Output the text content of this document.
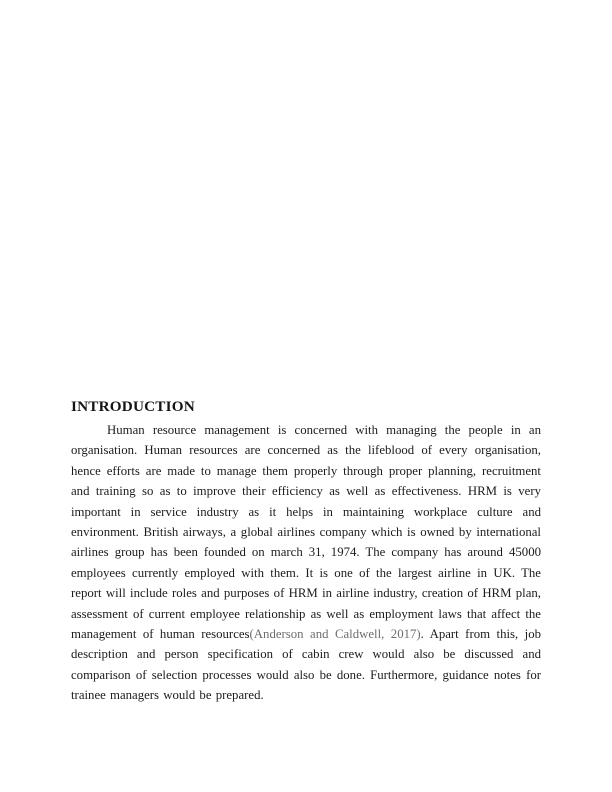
INTRODUCTION

Human resource management is concerned with managing the people in an organisation. Human resources are concerned as the lifeblood of every organisation, hence efforts are made to manage them properly through proper planning, recruitment and training so as to improve their efficiency as well as effectiveness. HRM is very important in service industry as it helps in maintaining workplace culture and environment. British airways, a global airlines company which is owned by international airlines group has been founded on march 31, 1974. The company has around 45000 employees currently employed with them. It is one of the largest airline in UK. The report will include roles and purposes of HRM in airline industry, creation of HRM plan, assessment of current employee relationship as well as employment laws that affect the management of human resources(Anderson and Caldwell, 2017). Apart from this, job description and person specification of cabin crew would also be discussed and comparison of selection processes would also be done. Furthermore, guidance notes for trainee managers would be prepared.
